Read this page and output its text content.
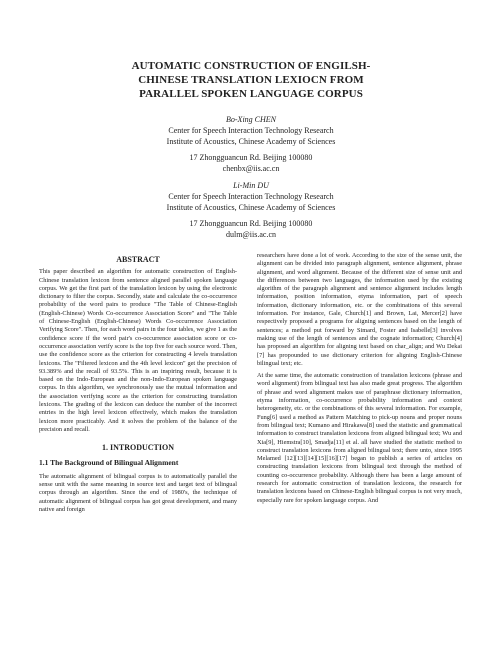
AUTOMATIC CONSTRUCTION OF ENGILSH-
CHINESE TRANSLATION LEXIOCN FROM
PARALLEL SPOKEN LANGUAGE CORPUS
Bo-Xing CHEN
Center for Speech Interaction Technology Research
Institute of Acoustics, Chinese Academy of Sciences
17 Zhongguancun Rd. Beijing 100080
chenbx@iis.ac.cn
Li-Min DU
Center for Speech Interaction Technology Research
Institute of Acoustics, Chinese Academy of Sciences
17 Zhongguancun Rd. Beijing 100080
dulm@iis.ac.cn
ABSTRACT

This paper described an algorithm for automatic construction of English-Chinese translation lexicon from sentence aligned parallel spoken language corpus. We get the first part of the translation lexicon by using the electronic dictionary to filter the corpus. Secondly, state and calculate the co-occurrence probability of the word pairs to produce "The Table of Chinese-English (English-Chinese) Words Co-occurrence Association Score" and "The Table of Chinese-English (English-Chinese) Words Co-occurrence Association Verifying Score". Then, for each word pairs in the four tables, we give 1 as the confidence score if the word pair's co-occurrence association score or co-occurrence association verify score is the top five for each source word. Then, use the confidence score as the criterion for constructing 4 levels translation lexicons. The "Filtered lexicon and the 4th level lexicon" get the precision of 93.389% and the recall of 93.5%. This is an inspiring result, because it is based on the Indo-European and the non-Indo-European spoken language corpus. In this algorithm, we synchronously use the mutual information and the association verifying score as the criterion for constructing translation lexicons. The grading of the lexicon can deduce the number of the incorrect entries in the high level lexicon effectively, which makes the translation lexicon more practicably. And it solves the problem of the balance of the precision and recall.

1. INTRODUCTION
1.1 The Background of Bilingual Alignment

The automatic alignment of bilingual corpus is to automatically parallel the sense unit with the same meaning in source text and target text of bilingual corpus through an algorithm. Since the end of 1980's, the technique of automatic alignment of bilingual corpus has got great development, and many native and foreign

researchers have done a lot of work. According to the size of the sense unit, the alignment can be divided into paragraph alignment, sentence alignment, phrase alignment, and word alignment. Because of the different size of sense unit and the differences between two languages, the information used by the existing algorithm of the paragraph alignment and sentence alignment includes length information, position information, etyma information, part of speech information, dictionary information, etc. or the combinations of this several information. For instance, Gale, Church[1] and Brown, Lai, Mercer[2] have respectively proposed a programs for aligning sentences based on the length of sentences; a method put forward by Simard, Foster and Isabelle[3] involves making use of the length of sentences and the cognate information; Church[4] has proposed an algorithm for aligning text based on char_align; and Wu Dekai [7] has propounded to use dictionary criterion for aligning English-Chinese bilingual text; etc.

At the same time, the automatic construction of translation lexicons (phrase and word alignment) from bilingual text has also made great progress. The algorithm of phrase and word alignment makes use of paraphrase dictionary information, etyma information, co-occurrence probability information and context heterogeneity, etc. or the combinations of this several information. For example, Fung[6] used a method as Pattern Matching to pick-up nouns and proper nouns from bilingual text; Kumano and Hirakawa[8] used the statistic and grammatical information to construct translation lexicons from aligned bilingual text; Wu and Xia[9], Hiemstra[10], Smadja[11] et al. all have studied the statistic method to construct translation lexicons from aligned bilingual text; there unto, since 1995 Melamed [12][13][14][15][16][17] began to publish a series of articles on constructing translation lexicons from bilingual text through the method of counting co-occurrence probability. Although there has been a large amount of research for automatic construction of translation lexicons, the research for translation lexicons based on Chinese-English bilingual corpus is not very much, especially rare for spoken language corpus. And
